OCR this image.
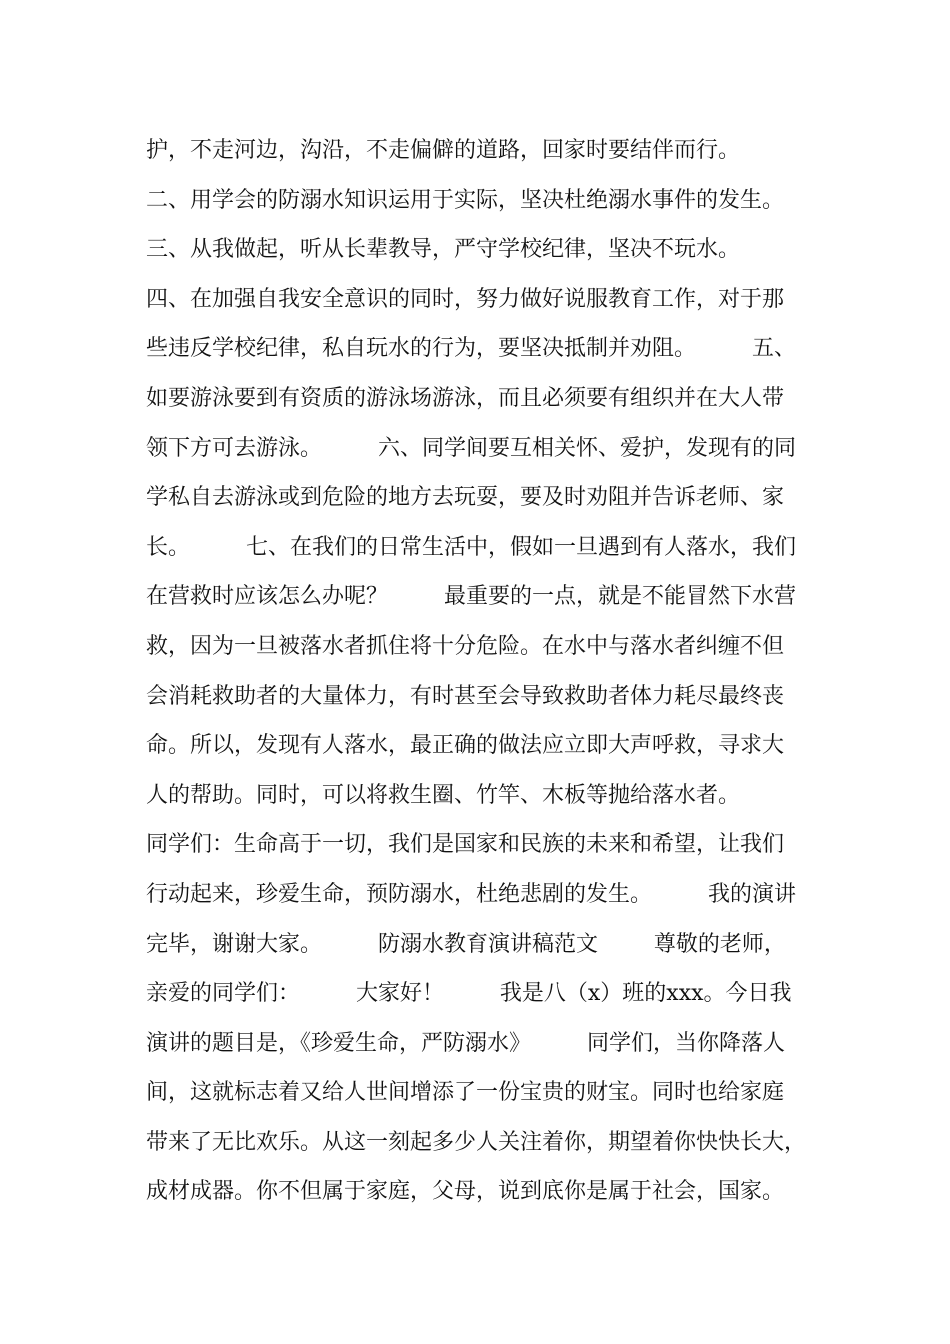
护，不走河边，沟沿，不走偏僻的道路，回家时要结伴而行。
二、用学会的防溺水知识运用于实际，坚决杜绝溺水事件的发生。
三、从我做起，听从长辈教导，严守学校纪律，坚决不玩水。
四、在加强自我安全意识的同时，努力做好说服教育工作，对于那
些违反学校纪律，私自玩水的行为，要坚决抵制并劝阻。        五、
如要游泳要到有资质的游泳场游泳，而且必须要有组织并在大人带
领下方可去游泳。        六、同学间要互相关怀、爱护，发现有的同
学私自去游泳或到危险的地方去玩耍，要及时劝阻并告诉老师、家
长。        七、在我们的日常生活中，假如一旦遇到有人落水，我们
在营救时应该怎么办呢？        最重要的一点，就是不能冒然下水营
救，因为一旦被落水者抓住将十分危险。在水中与落水者纠缠不但
会消耗救助者的大量体力，有时甚至会导致救助者体力耗尽最终丧
命。所以，发现有人落水，最正确的做法应立即大声呼救，寻求大
人的帮助。同时，可以将救生圈、竹竿、木板等抛给落水者。
同学们：生命高于一切，我们是国家和民族的未来和希望，让我们
行动起来，珍爱生命，预防溺水，杜绝悲剧的发生。        我的演讲
完毕，谢谢大家。        防溺水教育演讲稿范文        尊敬的老师，
亲爱的同学们：        大家好！        我是八（x）班的xxx。今日我
演讲的题目是，《珍爱生命，严防溺水》        同学们，当你降落人
间，这就标志着又给人世间增添了一份宝贵的财宝。同时也给家庭
带来了无比欢乐。从这一刻起多少人关注着你，期望着你快快长大，
成材成器。你不但属于家庭，父母，说到底你是属于社会，国家。
